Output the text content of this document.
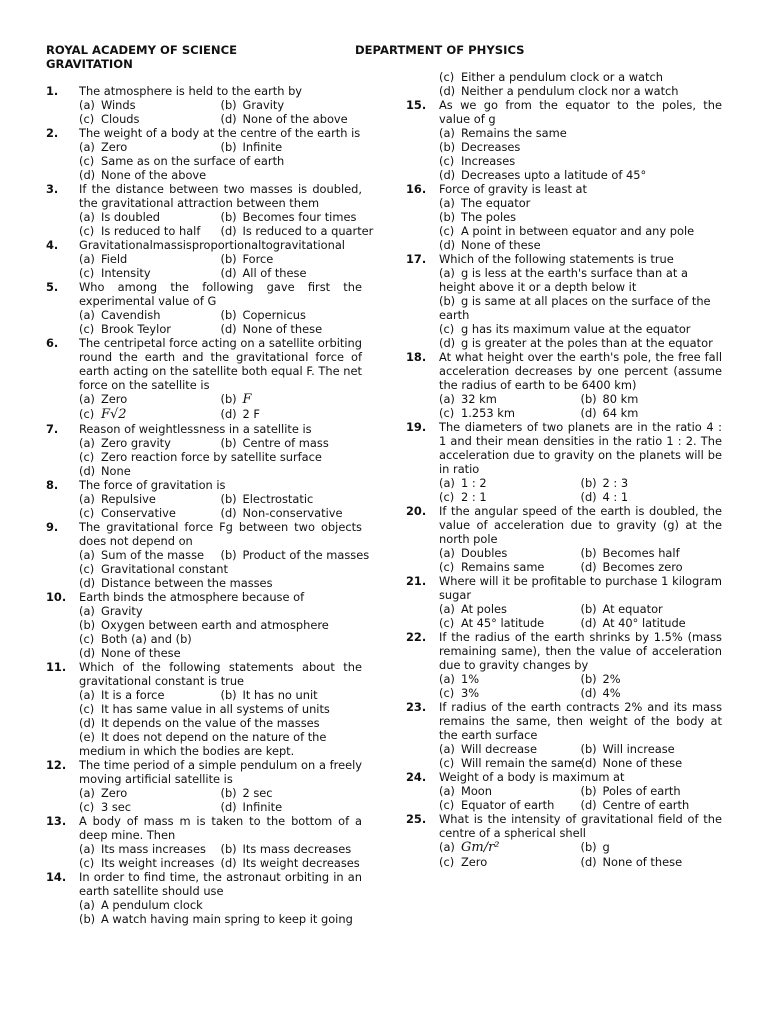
ROYAL ACADEMY OF SCIENCE	DEPARTMENT OF PHYSICS
GRAVITATION
1. The atmosphere is held to the earth by
(a) Winds	(b) Gravity
(c) Clouds	(d) None of the above
2. The weight of a body at the centre of the earth is
(a) Zero	(b) Infinite
(c) Same as on the surface of earth
(d) None of the above
3. If the distance between two masses is doubled, the gravitational attraction between them
(a) Is doubled	(b) Becomes four times
(c) Is reduced to half	(d) Is reduced to a quarter
4. Gravitationalmassisproportionaltogravitational
(a) Field	(b) Force
(c) Intensity	(d) All of these
5. Who among the following gave first the experimental value of G
(a) Cavendish	(b) Copernicus
(c) Brook Teylor	(d) None of these
6. The centripetal force acting on a satellite orbiting round the earth and the gravitational force of earth acting on the satellite both equal F. The net force on the satellite is
(a) Zero	(b) F
(c) F√2	(d) 2 F
7. Reason of weightlessness in a satellite is
(a) Zero gravity	(b) Centre of mass
(c) Zero reaction force by satellite surface
(d) None
8. The force of gravitation is
(a) Repulsive	(b) Electrostatic
(c) Conservative	(d) Non-conservative
9. The gravitational force Fg between two objects does not depend on
(a) Sum of the masse	(b) Product of the masses
(c) Gravitational constant
(d) Distance between the masses
10. Earth binds the atmosphere because of
(a) Gravity
(b) Oxygen between earth and atmosphere
(c) Both (a) and (b)
(d) None of these
11. Which of the following statements about the gravitational constant is true
(a) It is a force	(b) It has no unit
(c) It has same value in all systems of units
(d) It depends on the value of the masses
(e) It does not depend on the nature of the medium in which the bodies are kept.
12. The time period of a simple pendulum on a freely moving artificial satellite is
(a) Zero	(b) 2 sec
(c) 3 sec	(d) Infinite
13. A body of mass m is taken to the bottom of a deep mine. Then
(a) Its mass increases	(b) Its mass decreases
(c) Its weight increases (d) Its weight decreases
14. In order to find time, the astronaut orbiting in an earth satellite should use
(a) A pendulum clock
(b) A watch having main spring to keep it going
(c) Either a pendulum clock or a watch
(d) Neither a pendulum clock nor a watch
15. As we go from the equator to the poles, the value of g
(a) Remains the same
(b) Decreases
(c) Increases
(d) Decreases upto a latitude of 45°
16. Force of gravity is least at
(a) The equator
(b) The poles
(c) A point in between equator and any pole
(d) None of these
17. Which of the following statements is true
(a) g is less at the earth's surface than at a height above it or a depth below it
(b) g is same at all places on the surface of the earth
(c) g has its maximum value at the equator
(d) g is greater at the poles than at the equator
18. At what height over the earth's pole, the free fall acceleration decreases by one percent (assume the radius of earth to be 6400 km)
(a) 32 km	(b) 80 km
(c) 1.253 km	(d) 64 km
19. The diameters of two planets are in the ratio 4 : 1 and their mean densities in the ratio 1 : 2. The acceleration due to gravity on the planets will be in ratio
(a) 1 : 2	(b) 2 : 3
(c) 2 : 1	(d) 4 : 1
20. If the angular speed of the earth is doubled, the value of acceleration due to gravity (g) at the north pole
(a) Doubles	(b) Becomes half
(c) Remains same	(d) Becomes zero
21. Where will it be profitable to purchase 1 kilogram sugar
(a) At poles	(b) At equator
(c) At 45° latitude	(d) At 40° latitude
22. If the radius of the earth shrinks by 1.5% (mass remaining same), then the value of acceleration due to gravity changes by
(a) 1%	(b) 2%
(c) 3%	(d) 4%
23. If radius of the earth contracts 2% and its mass remains the same, then weight of the body at the earth surface
(a) Will decrease	(b) Will increase
(c) Will remain the same
(d) None of these
24. Weight of a body is maximum at
(a) Moon	(b) Poles of earth
(c) Equator of earth	(d) Centre of earth
25. What is the intensity of gravitational field of the centre of a spherical shell
(a) Gm/r²	(b) g
(c) Zero	(d) None of these
